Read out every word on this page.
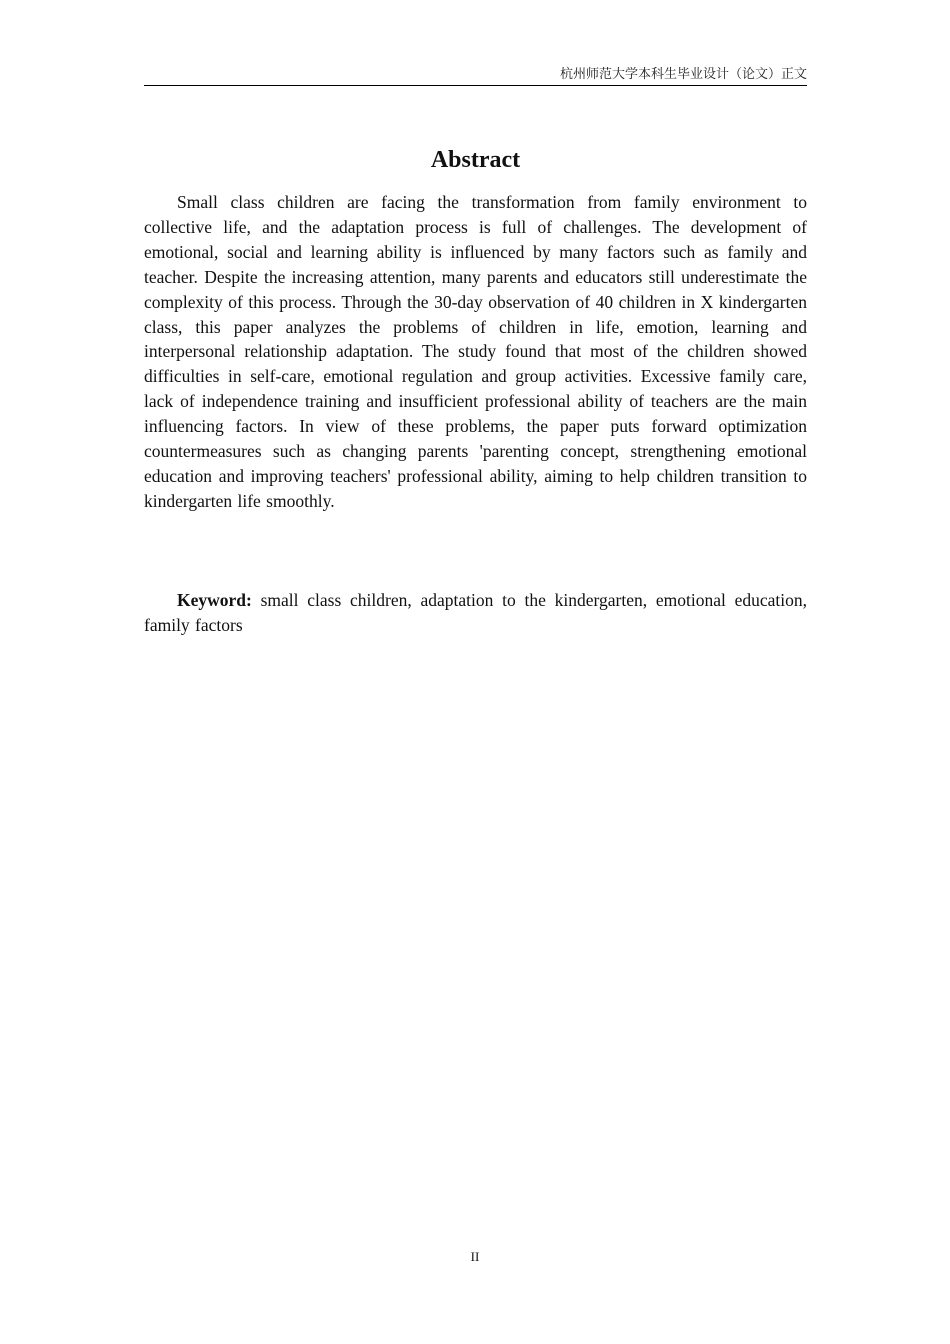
杭州师范大学本科生毕业设计（论文）正文
Abstract

Small class children are facing the transformation from family environment to collective life, and the adaptation process is full of challenges. The development of emotional, social and learning ability is influenced by many factors such as family and teacher. Despite the increasing attention, many parents and educators still underestimate the complexity of this process. Through the 30-day observation of 40 children in X kindergarten class, this paper analyzes the problems of children in life, emotion, learning and interpersonal relationship adaptation. The study found that most of the children showed difficulties in self-care, emotional regulation and group activities. Excessive family care, lack of independence training and insufficient professional ability of teachers are the main influencing factors. In view of these problems, the paper puts forward optimization countermeasures such as changing parents 'parenting concept, strengthening emotional education and improving teachers' professional ability, aiming to help children transition to kindergarten life smoothly.

Keyword: small class children, adaptation to the kindergarten, emotional education, family factors

II
